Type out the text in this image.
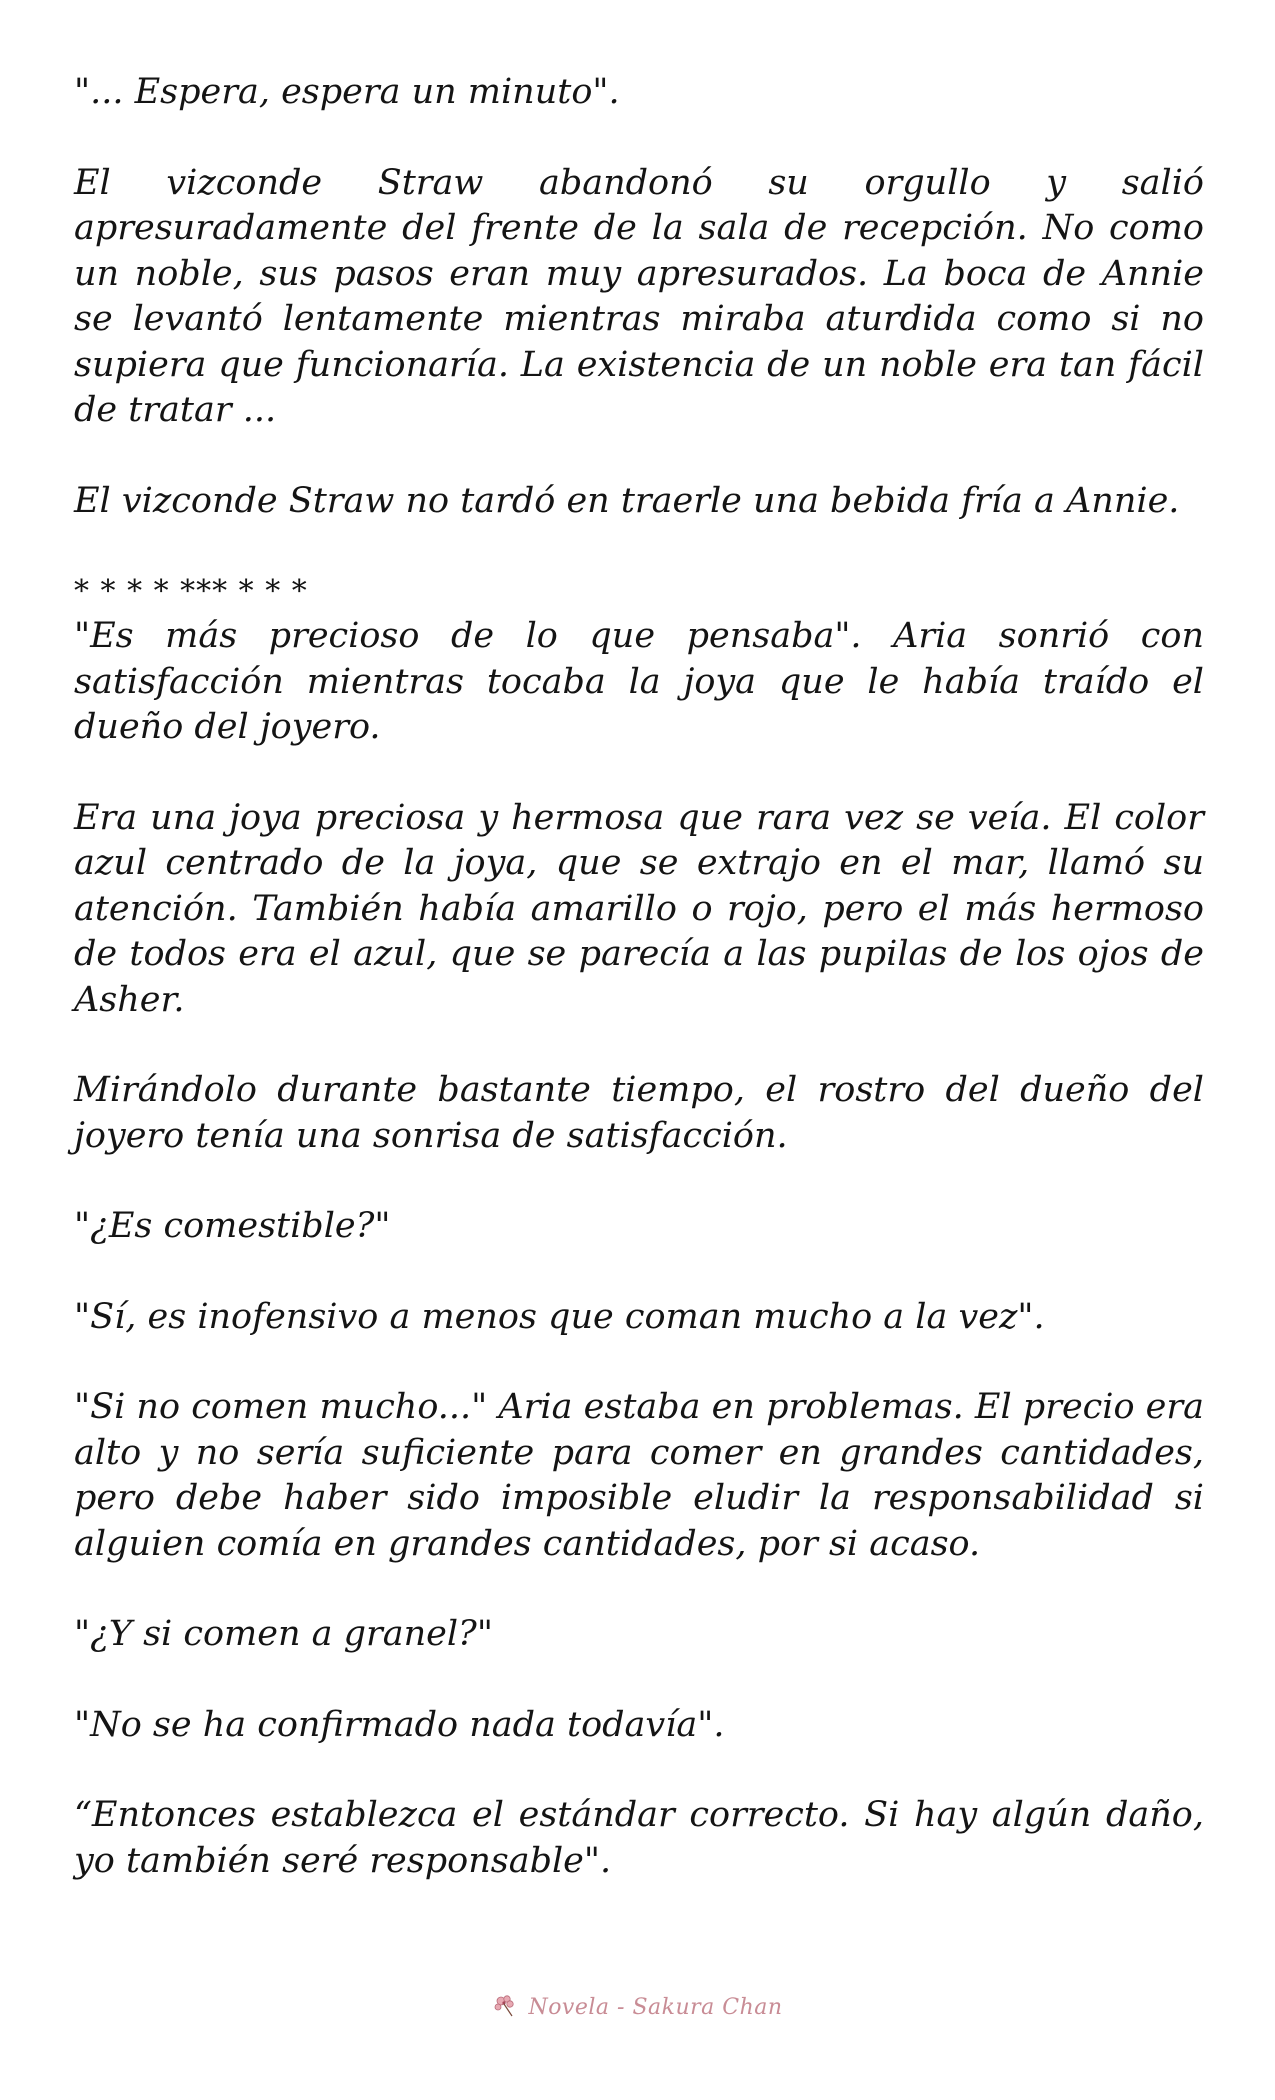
"... Espera, espera un minuto".

El vizconde Straw abandonó su orgullo y salió apresuradamente del frente de la sala de recepción. No como un noble, sus pasos eran muy apresurados. La boca de Annie se levantó lentamente mientras miraba aturdida como si no supiera que funcionaría. La existencia de un noble era tan fácil de tratar ...

El vizconde Straw no tardó en traerle una bebida fría a Annie.

* * * * *** * * *

"Es más precioso de lo que pensaba". Aria sonrió con satisfacción mientras tocaba la joya que le había traído el dueño del joyero.

Era una joya preciosa y hermosa que rara vez se veía. El color azul centrado de la joya, que se extrajo en el mar, llamó su atención. También había amarillo o rojo, pero el más hermoso de todos era el azul, que se parecía a las pupilas de los ojos de Asher.

Mirándolo durante bastante tiempo, el rostro del dueño del joyero tenía una sonrisa de satisfacción.

"¿Es comestible?"

"Sí, es inofensivo a menos que coman mucho a la vez".

"Si no comen mucho..." Aria estaba en problemas. El precio era alto y no sería suficiente para comer en grandes cantidades, pero debe haber sido imposible eludir la responsabilidad si alguien comía en grandes cantidades, por si acaso.

"¿Y si comen a granel?"

"No se ha confirmado nada todavía".

“Entonces establezca el estándar correcto. Si hay algún daño, yo también seré responsable".

Novela - Sakura Chan
